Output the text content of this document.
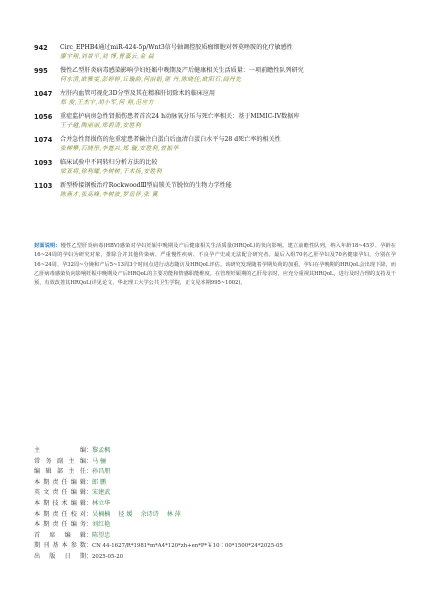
942	Circ_EPHB4通过miR-424-5p/Wnt3信号轴调控胶质瘤细胞对替莫唑胺的化疗敏感性
廖宇翔,刘景平,刘 博,曹嘉云,金 晨
995	慢性乙型肝炎病毒感染影响孕妇妊娠中晚期及产后健康相关生活质量：一项前瞻性队列研究
何水清,欧雅雯,彭婷婷,丘璇韵,何丽娟,谢 丹,陈晓佳,欧阳石,阎丹先
1047	左肝内血管可视化3D分型及其在精准肝切除术的临床应用
郑 俊,王杰宇,胡小军,何 翔,范应方
1056	重症监护病房急性肾损伤患者首次24 h动脉氧分压与死亡率相关：基于MIMIC-IV数据库
王子越,陶丽丽,郑碧清,安胜利
1074	合并急性肾损伤的危重症患者输注白蛋白后血清白蛋白水平与28 d死亡率的相关性
张柳攀,石晓彤,李霆兴,郑 璇,安胜利,曾振华
1093	临床试验中不同转归分析方法的比较
梁亚将,徐利耀,李树树,于术扬,安胜利
1103	新型桥接钢板治疗RockwoodⅢ型肩锁关节脱位的生物力学性能
陈燕才,张高峰,李树波,罗岳祥,张 翼
封面说明：慢性乙型肝炎病毒(HBV)感染对孕妇妊娠中晚期及产后健康相关生活质量(HRQoL)的负向影响。建立前瞻性队列，纳入年龄18~45岁、孕龄在16~24周的孕妇为研究对象，排除合并其他传染病、严重慢性疾病、不良孕产史或无法配合研究者。最后入组70名乙肝孕妇及70名健康孕妇，分别在孕16~24周、孕32周~分娩和产后5~13周3个时间点进行动态随访及HRQoL评估。该研究发现随着孕期负荷的加重，孕妇在孕晚期的HRQoL会出现下降，而乙肝病毒感染负向影响妊娠中晚期及产后HRQoL的主要功能和情感职能维度。在管理妊娠期的乙肝母亲时，应充分重视其HRQoL，进行及时合理的支持及干预，有效改善其HRQoL(详见论文，华北理工大学公共卫生学院，正文见本期995~1002)。
主编 ： 黎孟枫
常务副主编 ： 马 骊
编辑部主任 ： 孙昌朋
本期责任编辑 ： 郎 鹏
英文责任编辑 ： 宋建武
本期技术编辑 ： 林立华
本期责任校对 ： 吴楠楠 　径 媛 　余诗诗 　林 萍
本期责任编务 ： 刘红艳
首席编辑 ： 陈望忠
期刊基本参数 ： CN 44-1627/R*1981*m*A4*120*zh+en*P*￥10∶00*1500*24*2025-05
出版日期 ： 2025-05-20
